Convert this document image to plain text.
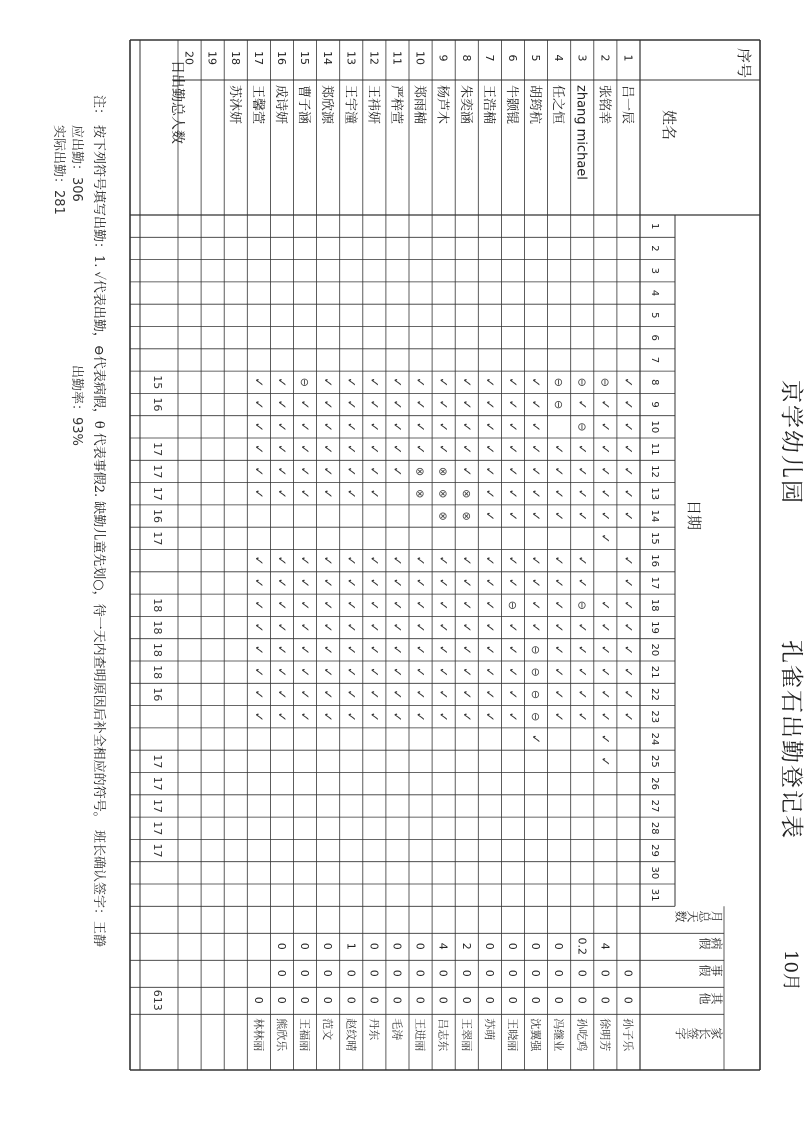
京学幼儿园
孔雀石出勤登记表
10月
1
2
3
4
5
6
7
8
9
10
11
12
13
14
15
16
17
18
19
20
21
22
23
24
25
26
27
28
29
30
31
1
吕一辰
✓
✓
✓
✓
✓
✓
✓
✓
✓
✓
✓
✓
✓
✓
✓
0
0
孙子乐
2
张铭幸
⊖
✓
✓
✓
✓
✓
✓
✓
✓
✓
✓
✓
✓
✓
✓
✓
4
0
0
徐明芳
3
zhang michael
⊖
✓
⊖
✓
✓
✓
✓
✓
✓
⊖
✓
✓
✓
✓
✓
0.2
0
0
孙吃鸡
4
任之恒
⊖
⊖
✓
✓
✓
✓
✓
✓
✓
✓
✓
✓
✓
✓
0
0
0
冯继业
5
胡筠杭
✓
✓
✓
✓
✓
✓
✓
✓
✓
✓
✓
⊖
⊖
⊖
⊖
✓
0
0
0
沈翼强
6
牛颢锟
✓
✓
✓
✓
✓
✓
✓
✓
✓
⊖
✓
✓
✓
✓
✓
0
0
0
王晓丽
7
王浩楠
✓
✓
✓
✓
✓
✓
✓
✓
✓
✓
✓
✓
✓
✓
✓
0
0
0
苏萌
8
朱奕涵
✓
✓
✓
✓
✓
⊗
⊗
✓
✓
✓
✓
✓
✓
✓
✓
2
0
0
王翠丽
9
杨芦木
✓
✓
✓
✓
⊗
⊗
⊗
✓
✓
✓
✓
✓
✓
✓
✓
4
0
0
吕志东
10
郑雨楠
✓
✓
✓
✓
⊗
⊗
✓
✓
✓
✓
✓
✓
✓
✓
0
0
0
王进丽
11
严梓萱
✓
✓
✓
✓
✓
✓
✓
✓
✓
✓
✓
✓
✓
0
0
0
毛涛
12
王祎妍
✓
✓
✓
✓
✓
✓
✓
✓
✓
✓
✓
✓
✓
✓
0
0
0
丹东
13
王宇潼
✓
✓
✓
✓
✓
✓
✓
✓
✓
✓
✓
✓
✓
✓
1
0
0
赵纹晴
14
郑欣源
✓
✓
✓
✓
✓
✓
✓
✓
✓
✓
✓
✓
✓
✓
0
0
0
范文
15
曹子涵
⊖
✓
✓
✓
✓
✓
✓
✓
✓
✓
✓
✓
✓
✓
0
0
0
王福丽
16
成诗妍
✓
✓
✓
✓
✓
✓
✓
✓
✓
✓
✓
✓
✓
✓
0
0
0
熊欣乐
17
王馨萱
✓
✓
✓
✓
✓
✓
✓
✓
✓
✓
✓
✓
✓
✓
0
林林丽
18
苏沐妍
19
20
15
16
17
17
17
16
17
18
18
18
18
16
17
17
17
17
17
613
序号
姓名
日期
月总天数
病假
事假
其他
家长签字
日出勤总人数
注：
按下列符号填写出勤：1. ✓代表出勤，⊖代表病假，θ 代表事假2. 缺勤儿童先划○，待一天内查明原因后补全相应的符号。
应出勤：306
实际出勤：281
出勤率：93%
班长确认签字：王静
